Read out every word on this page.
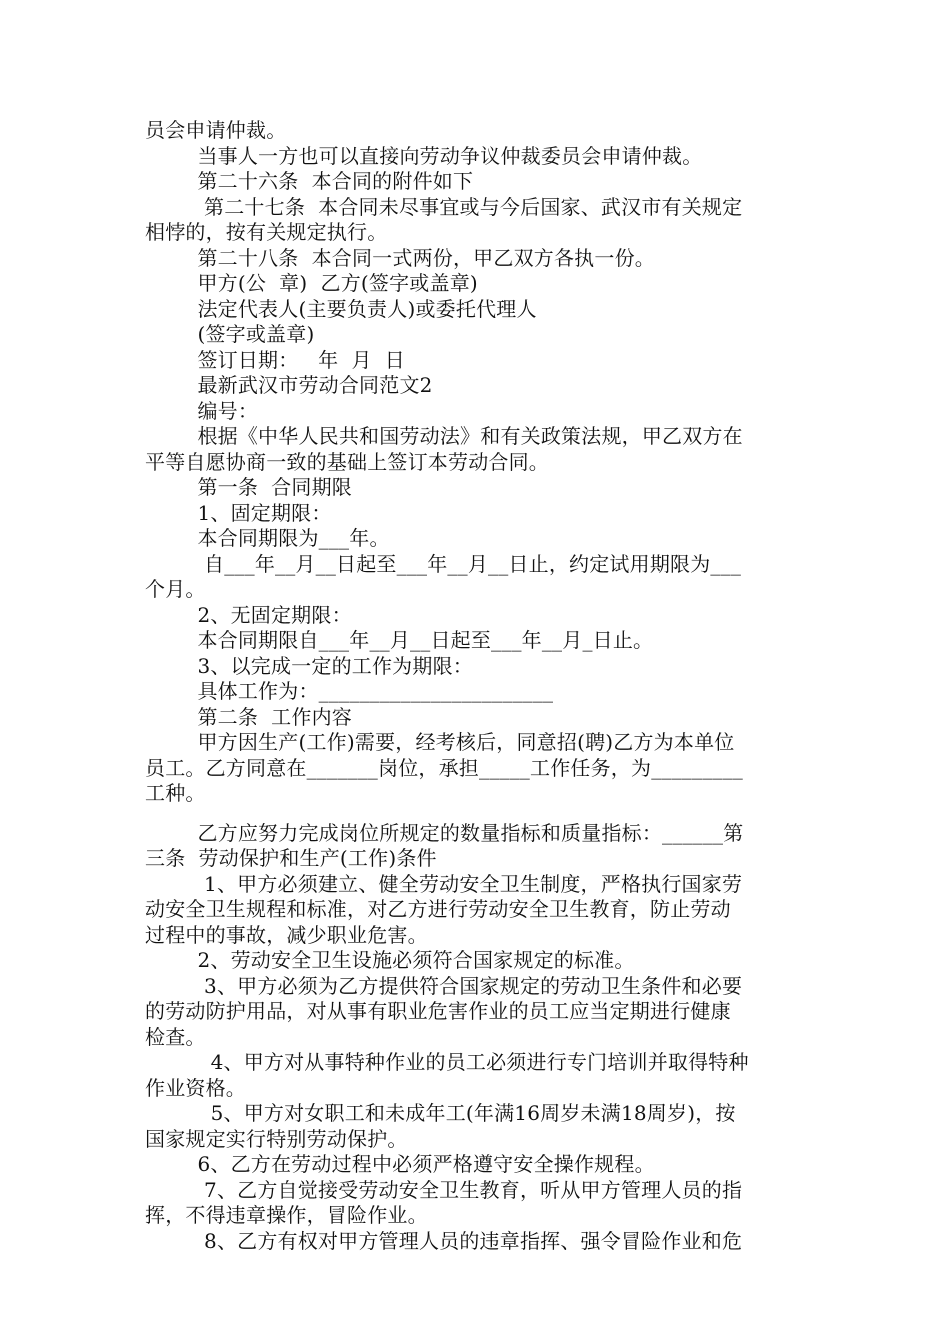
员会申请仲裁。
当事人一方也可以直接向劳动争议仲裁委员会申请仲裁。
第二十六条  本合同的附件如下
第二十七条  本合同未尽事宜或与今后国家、武汉市有关规定
相悖的，按有关规定执行。
第二十八条  本合同一式两份，甲乙双方各执一份。
甲方(公  章)  乙方(签字或盖章)
法定代表人(主要负责人)或委托代理人
(签字或盖章)
签订日期：   年  月  日
最新武汉市劳动合同范文2
编号：
根据《中华人民共和国劳动法》和有关政策法规，甲乙双方在
平等自愿协商一致的基础上签订本劳动合同。
第一条  合同期限
1、固定期限：
本合同期限为___年。
自___年__月__日起至___年__月__日止，约定试用期限为___
个月。
2、无固定期限：
本合同期限自___年__月__日起至___年__月_日止。
3、以完成一定的工作为期限：
具体工作为：_______________________
第二条  工作内容
甲方因生产(工作)需要，经考核后，同意招(聘)乙方为本单位
员工。乙方同意在_______岗位，承担_____工作任务，为_________
工种。
乙方应努力完成岗位所规定的数量指标和质量指标：______第
三条  劳动保护和生产(工作)条件
1、甲方必须建立、健全劳动安全卫生制度，严格执行国家劳
动安全卫生规程和标准，对乙方进行劳动安全卫生教育，防止劳动
过程中的事故，减少职业危害。
2、劳动安全卫生设施必须符合国家规定的标准。
3、甲方必须为乙方提供符合国家规定的劳动卫生条件和必要
的劳动防护用品，对从事有职业危害作业的员工应当定期进行健康
检查。
4、甲方对从事特种作业的员工必须进行专门培训并取得特种
作业资格。
5、甲方对女职工和未成年工(年满16周岁未满18周岁)，按
国家规定实行特别劳动保护。
6、乙方在劳动过程中必须严格遵守安全操作规程。
7、乙方自觉接受劳动安全卫生教育，听从甲方管理人员的指
挥，不得违章操作，冒险作业。
8、乙方有权对甲方管理人员的违章指挥、强令冒险作业和危
